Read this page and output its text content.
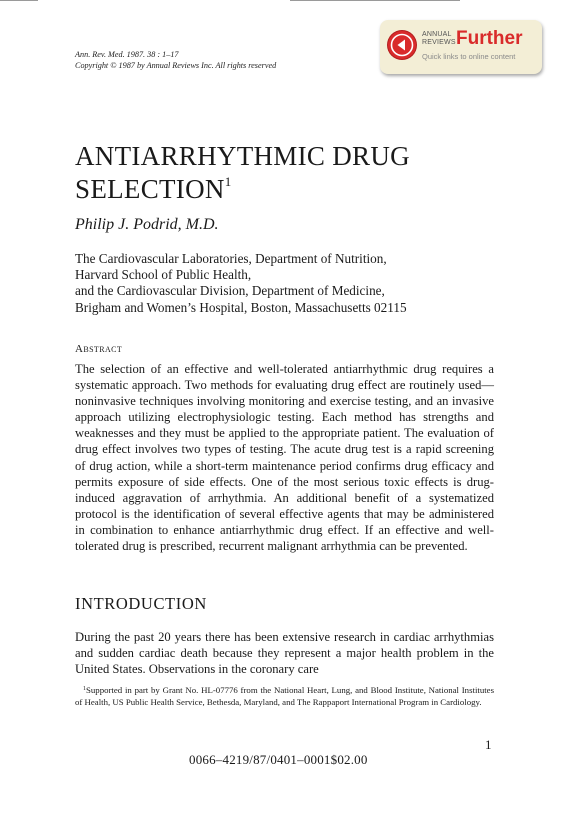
Ann. Rev. Med. 1987. 38 : 1–17
Copyright © 1987 by Annual Reviews Inc. All rights reserved
ANNUAL
REVIEWS Further
Quick links to online content
ANTIARRHYTHMIC DRUG
SELECTION$^1$
Philip J. Podrid, M.D.
The Cardiovascular Laboratories, Department of Nutrition,
Harvard School of Public Health,
and the Cardiovascular Division, Department of Medicine,
Brigham and Women’s Hospital, Boston, Massachusetts 02115
Abstract

The selection of an effective and well-tolerated antiarrhythmic drug requires a systematic approach. Two methods for evaluating drug effect are routinely used—noninvasive techniques involving monitoring and exercise testing, and an invasive approach utilizing electrophysiologic testing. Each method has strengths and weaknesses and they must be applied to the appropriate patient. The evaluation of drug effect involves two types of testing. The acute drug test is a rapid screening of drug action, while a short-term maintenance period confirms drug efficacy and permits exposure of side effects. One of the most serious toxic effects is drug-induced aggravation of arrhythmia. An additional benefit of a systematized protocol is the identification of several effective agents that may be administered in combination to enhance antiarrhythmic drug effect. If an effective and well-tolerated drug is prescribed, recurrent malignant arrhythmia can be prevented.

INTRODUCTION

During the past 20 years there has been extensive research in cardiac arrhythmias and sudden cardiac death because they represent a major health problem in the United States. Observations in the coronary care

$^1$Supported in part by Grant No. HL-07776 from the National Heart, Lung, and Blood Institute, National Institutes of Health, US Public Health Service, Bethesda, Maryland, and The Rappaport International Program in Cardiology.

1
0066–4219/87/0401–0001$02.00
